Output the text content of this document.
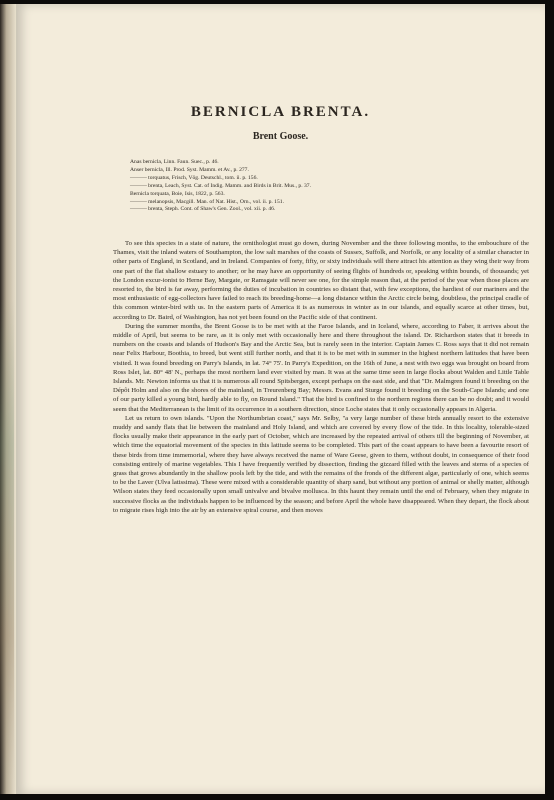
BERNICLA BRENTA.
Brent Goose.
Anas bernicla, Linn. Faun. Suec., p. 46.
Anser bernicla, Ill. Prod. Syst. Mamm. et Av., p. 277.
——— torquatus, Frisch, Vög. Deutschl., tom. ii. p. 156.
——— brenta, Leach, Syst. Cat. of Indig. Mamm. and Birds in Brit. Mus., p. 37.
Bernicla torquata, Boie, Isis, 1822, p. 563.
——— melanopsis, Macgill. Man. of Nat. Hist., Orn., vol. ii. p. 151.
——— brenta, Steph. Cont. of Shaw's Gen. Zool., vol. xii. p. 46.

To see this species in a state of nature, the ornithologist must go down, during November and the three following months, to the embouchure of the Thames, visit the inland waters of Southampton, the low salt marshes of the coasts of Sussex, Suffolk, and Norfolk, or any locality of a similar character in other parts of England, in Scotland, and in Ireland. Companies of forty, fifty, or sixty individuals will there attract his attention as they wing their way from one part of the flat shallow estuary to another; or he may have an opportunity of seeing flights of hundreds or, speaking within bounds, of thousands; yet the London excur-ionist to Herne Bay, Margate, or Ramsgate will never see one, for the simple reason that, at the period of the year when those places are resorted to, the bird is far away, performing the duties of incubation in countries so distant that, with few exceptions, the hardiest of our mariners and the most enthusiastic of egg-collectors have failed to reach its breeding-home—a long distance within the Arctic circle being, doubtless, the principal cradle of this common winter-bird with us. In the eastern parts of America it is as numerous in winter as in our islands, and equally scarce at other times, but, according to Dr. Baird, of Washington, has not yet been found on the Pacific side of that continent.

During the summer months, the Brent Goose is to be met with at the Faroe Islands, and in Iceland, where, according to Faber, it arrives about the middle of April, but seems to be rare, as it is only met with occasionally here and there throughout the island. Dr. Richardson states that it breeds in numbers on the coasts and islands of Hudson's Bay and the Arctic Sea, but is rarely seen in the interior. Captain James C. Ross says that it did not remain near Felix Harbour, Boothia, to breed, but went still further north, and that it is to be met with in summer in the highest northern latitudes that have been visited. It was found breeding on Parry's Islands, in lat. 74° 75'. In Parry's Expedition, on the 16th of June, a nest with two eggs was brought on board from Ross Islet, lat. 80° 48' N., perhaps the most northern land ever visited by man. It was at the same time seen in large flocks about Walden and Little Table Islands. Mr. Newton informs us that it is numerous all round Spitsbergen, except perhaps on the east side, and that "Dr. Malmgren found it breeding on the Dépôt Holm and also on the shores of the mainland, in Treurenberg Bay; Messrs. Evans and Sturge found it breeding on the South-Cape Islands; and one of our party killed a young bird, hardly able to fly, on Round Island." That the bird is confined to the northern regions there can be no doubt; and it would seem that the Mediterranean is the limit of its occurrence in a southern direction, since Loche states that it only occasionally appears in Algeria.

Let us return to own islands. "Upon the Northumbrian coast," says Mr. Selby, "a very large number of these birds annually resort to the extensive muddy and sandy flats that lie between the mainland and Holy Island, and which are covered by every flow of the tide. In this locality, tolerable-sized flocks usually make their appearance in the early part of October, which are increased by the repeated arrival of others till the beginning of November, at which time the equatorial movement of the species in this latitude seems to be completed. This part of the coast appears to have been a favourite resort of these birds from time immemorial, where they have always received the name of Ware Geese, given to them, without doubt, in consequence of their food consisting entirely of marine vegetables. This I have frequently verified by dissection, finding the gizzard filled with the leaves and stems of a species of grass that grows abundantly in the shallow pools left by the tide, and with the remains of the fronds of the different algæ, particularly of one, which seems to be the Laver (Ulva latissima). These were mixed with a considerable quantity of sharp sand, but without any portion of animal or shelly matter, although Wilson states they feed occasionally upon small univalve and bivalve mollusca. In this haunt they remain until the end of February, when they migrate in successive flocks as the individuals happen to be influenced by the season; and before April the whole have disappeared. When they depart, the flock about to migrate rises high into the air by an extensive spiral course, and then moves
